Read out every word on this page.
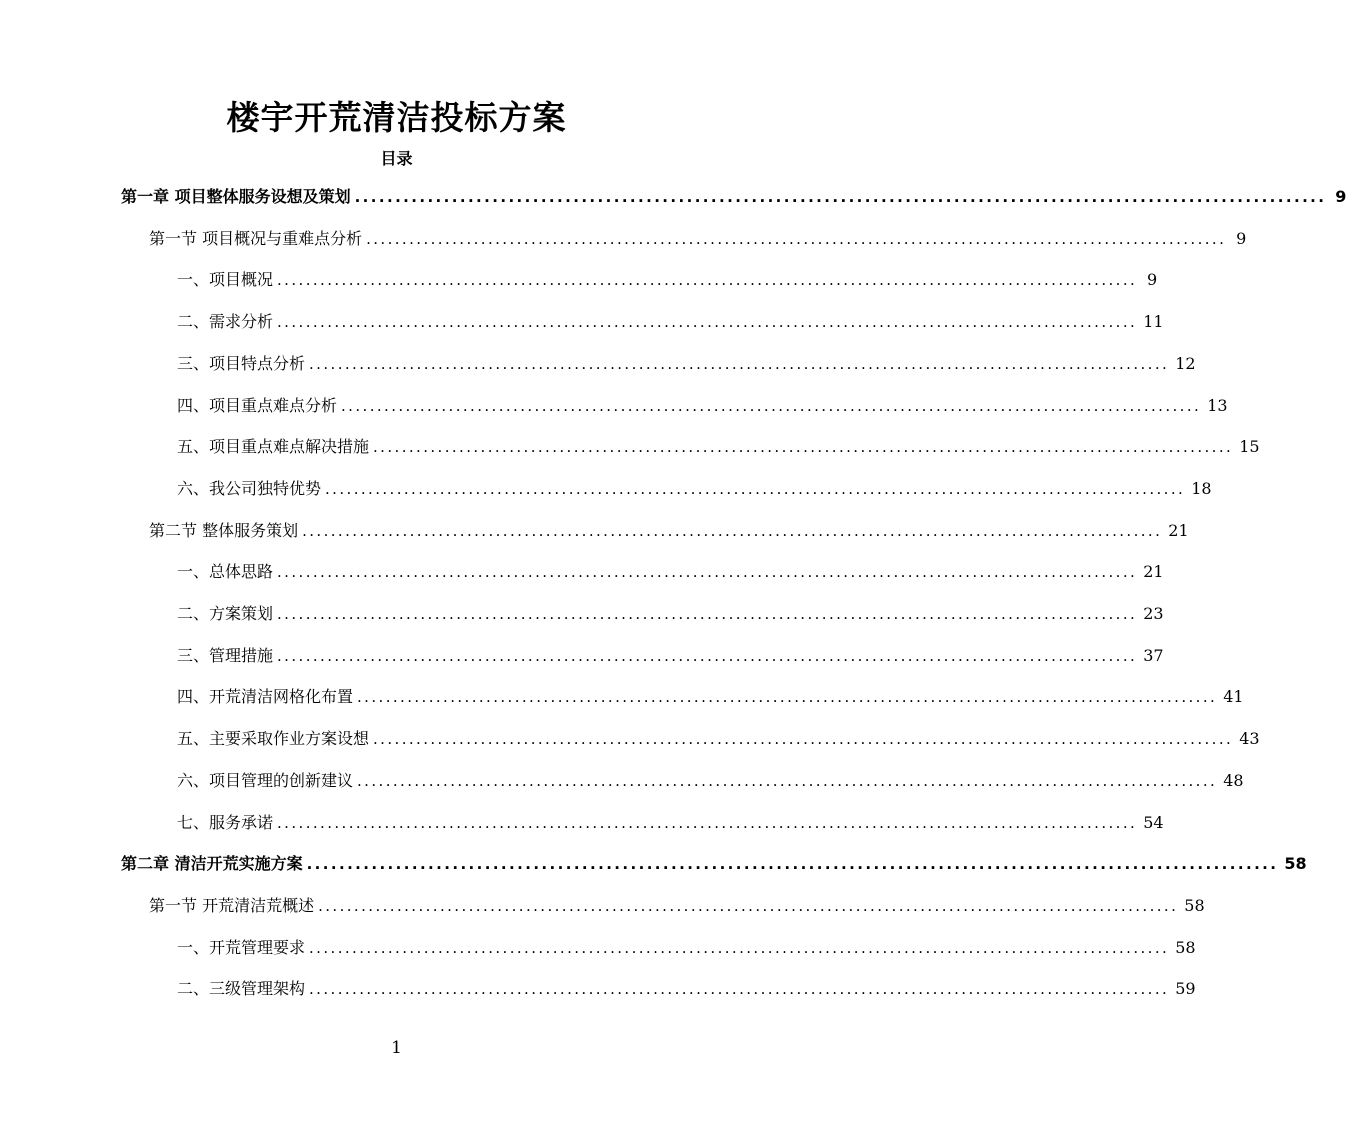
楼宇开荒清洁投标方案
目录
第一章 项目整体服务设想及策划 ........................................................................................................................ 9
第一节 项目概况与重难点分析 ........................................................................................................................ 9
一、项目概况 ........................................................................................................................ 9
二、需求分析 ........................................................................................................................ 11
三、项目特点分析 ........................................................................................................................ 12
四、项目重点难点分析 ........................................................................................................................ 13
五、项目重点难点解决措施 ........................................................................................................................ 15
六、我公司独特优势 ........................................................................................................................ 18
第二节 整体服务策划 ........................................................................................................................ 21
一、总体思路 ........................................................................................................................ 21
二、方案策划 ........................................................................................................................ 23
三、管理措施 ........................................................................................................................ 37
四、开荒清洁网格化布置 ........................................................................................................................ 41
五、主要采取作业方案设想 ........................................................................................................................ 43
六、项目管理的创新建议 ........................................................................................................................ 48
七、服务承诺 ........................................................................................................................ 54
第二章 清洁开荒实施方案 ........................................................................................................................ 58
第一节 开荒清洁荒概述 ........................................................................................................................ 58
一、开荒管理要求 ........................................................................................................................ 58
二、三级管理架构 ........................................................................................................................ 59
1
